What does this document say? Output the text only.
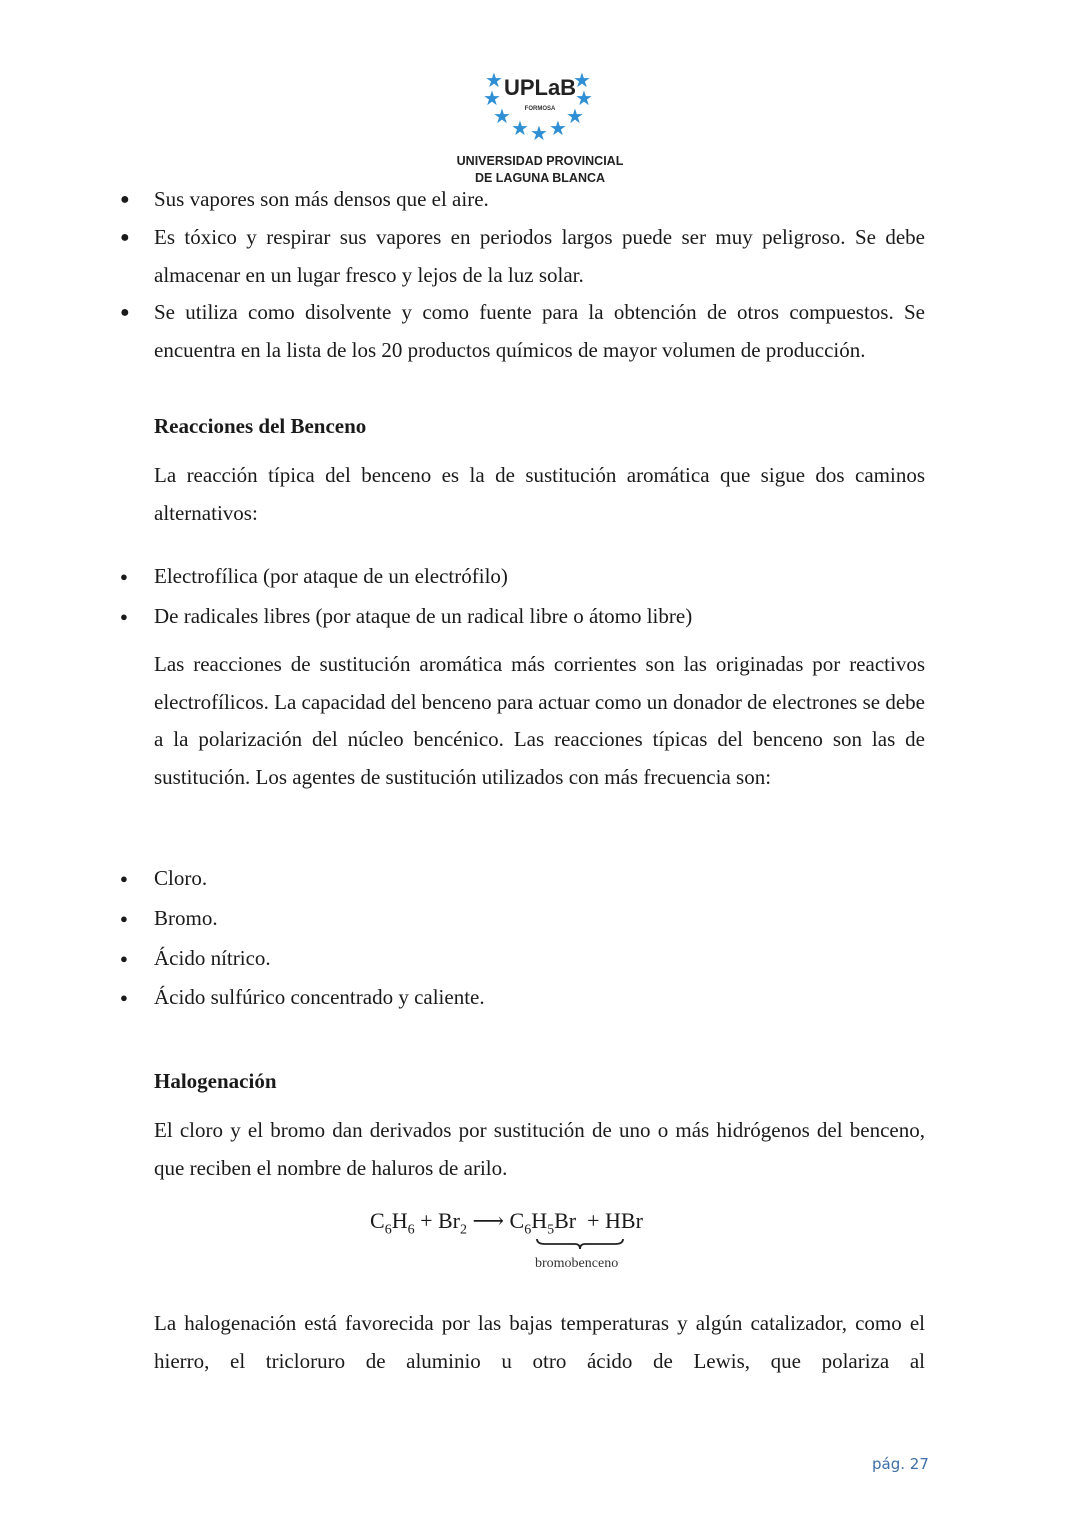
★
★
★
★
★
★ ★ ★
★
UPLaB
FORMOSA
UNIVERSIDAD PROVINCIAL
DE LAGUNA BLANCA
● Sus vapores son más densos que el aire.
● Es tóxico y respirar sus vapores en periodos largos puede ser muy peligroso. Se debe almacenar en un lugar fresco y lejos de la luz solar.
● Se utiliza como disolvente y como fuente para la obtención de otros compuestos. Se encuentra en la lista de los 20 productos químicos de mayor volumen de producción.
Reacciones del Benceno
La reacción típica del benceno es la de sustitución aromática que sigue dos caminos alternativos:
● Electrofílica (por ataque de un electrófilo)
● De radicales libres (por ataque de un radical libre o átomo libre)
Las reacciones de sustitución aromática más corrientes son las originadas por reactivos electrofílicos. La capacidad del benceno para actuar como un donador de electrones se debe a la polarización del núcleo bencénico. Las reacciones típicas del benceno son las de sustitución. Los agentes de sustitución utilizados con más frecuencia son:
● Cloro.
● Bromo.
● Ácido nítrico.
● Ácido sulfúrico concentrado y caliente.
Halogenación
El cloro y el bromo dan derivados por sustitución de uno o más hidrógenos del benceno, que reciben el nombre de haluros de arilo.
$C_6H_6 + Br_2$ ⟶ $C_6H_5Br$ + HBr
bromobenceno
La halogenación está favorecida por las bajas temperaturas y algún catalizador, como el hierro, el tricloruro de aluminio u otro ácido de Lewis, que polariza al
pág. 27
